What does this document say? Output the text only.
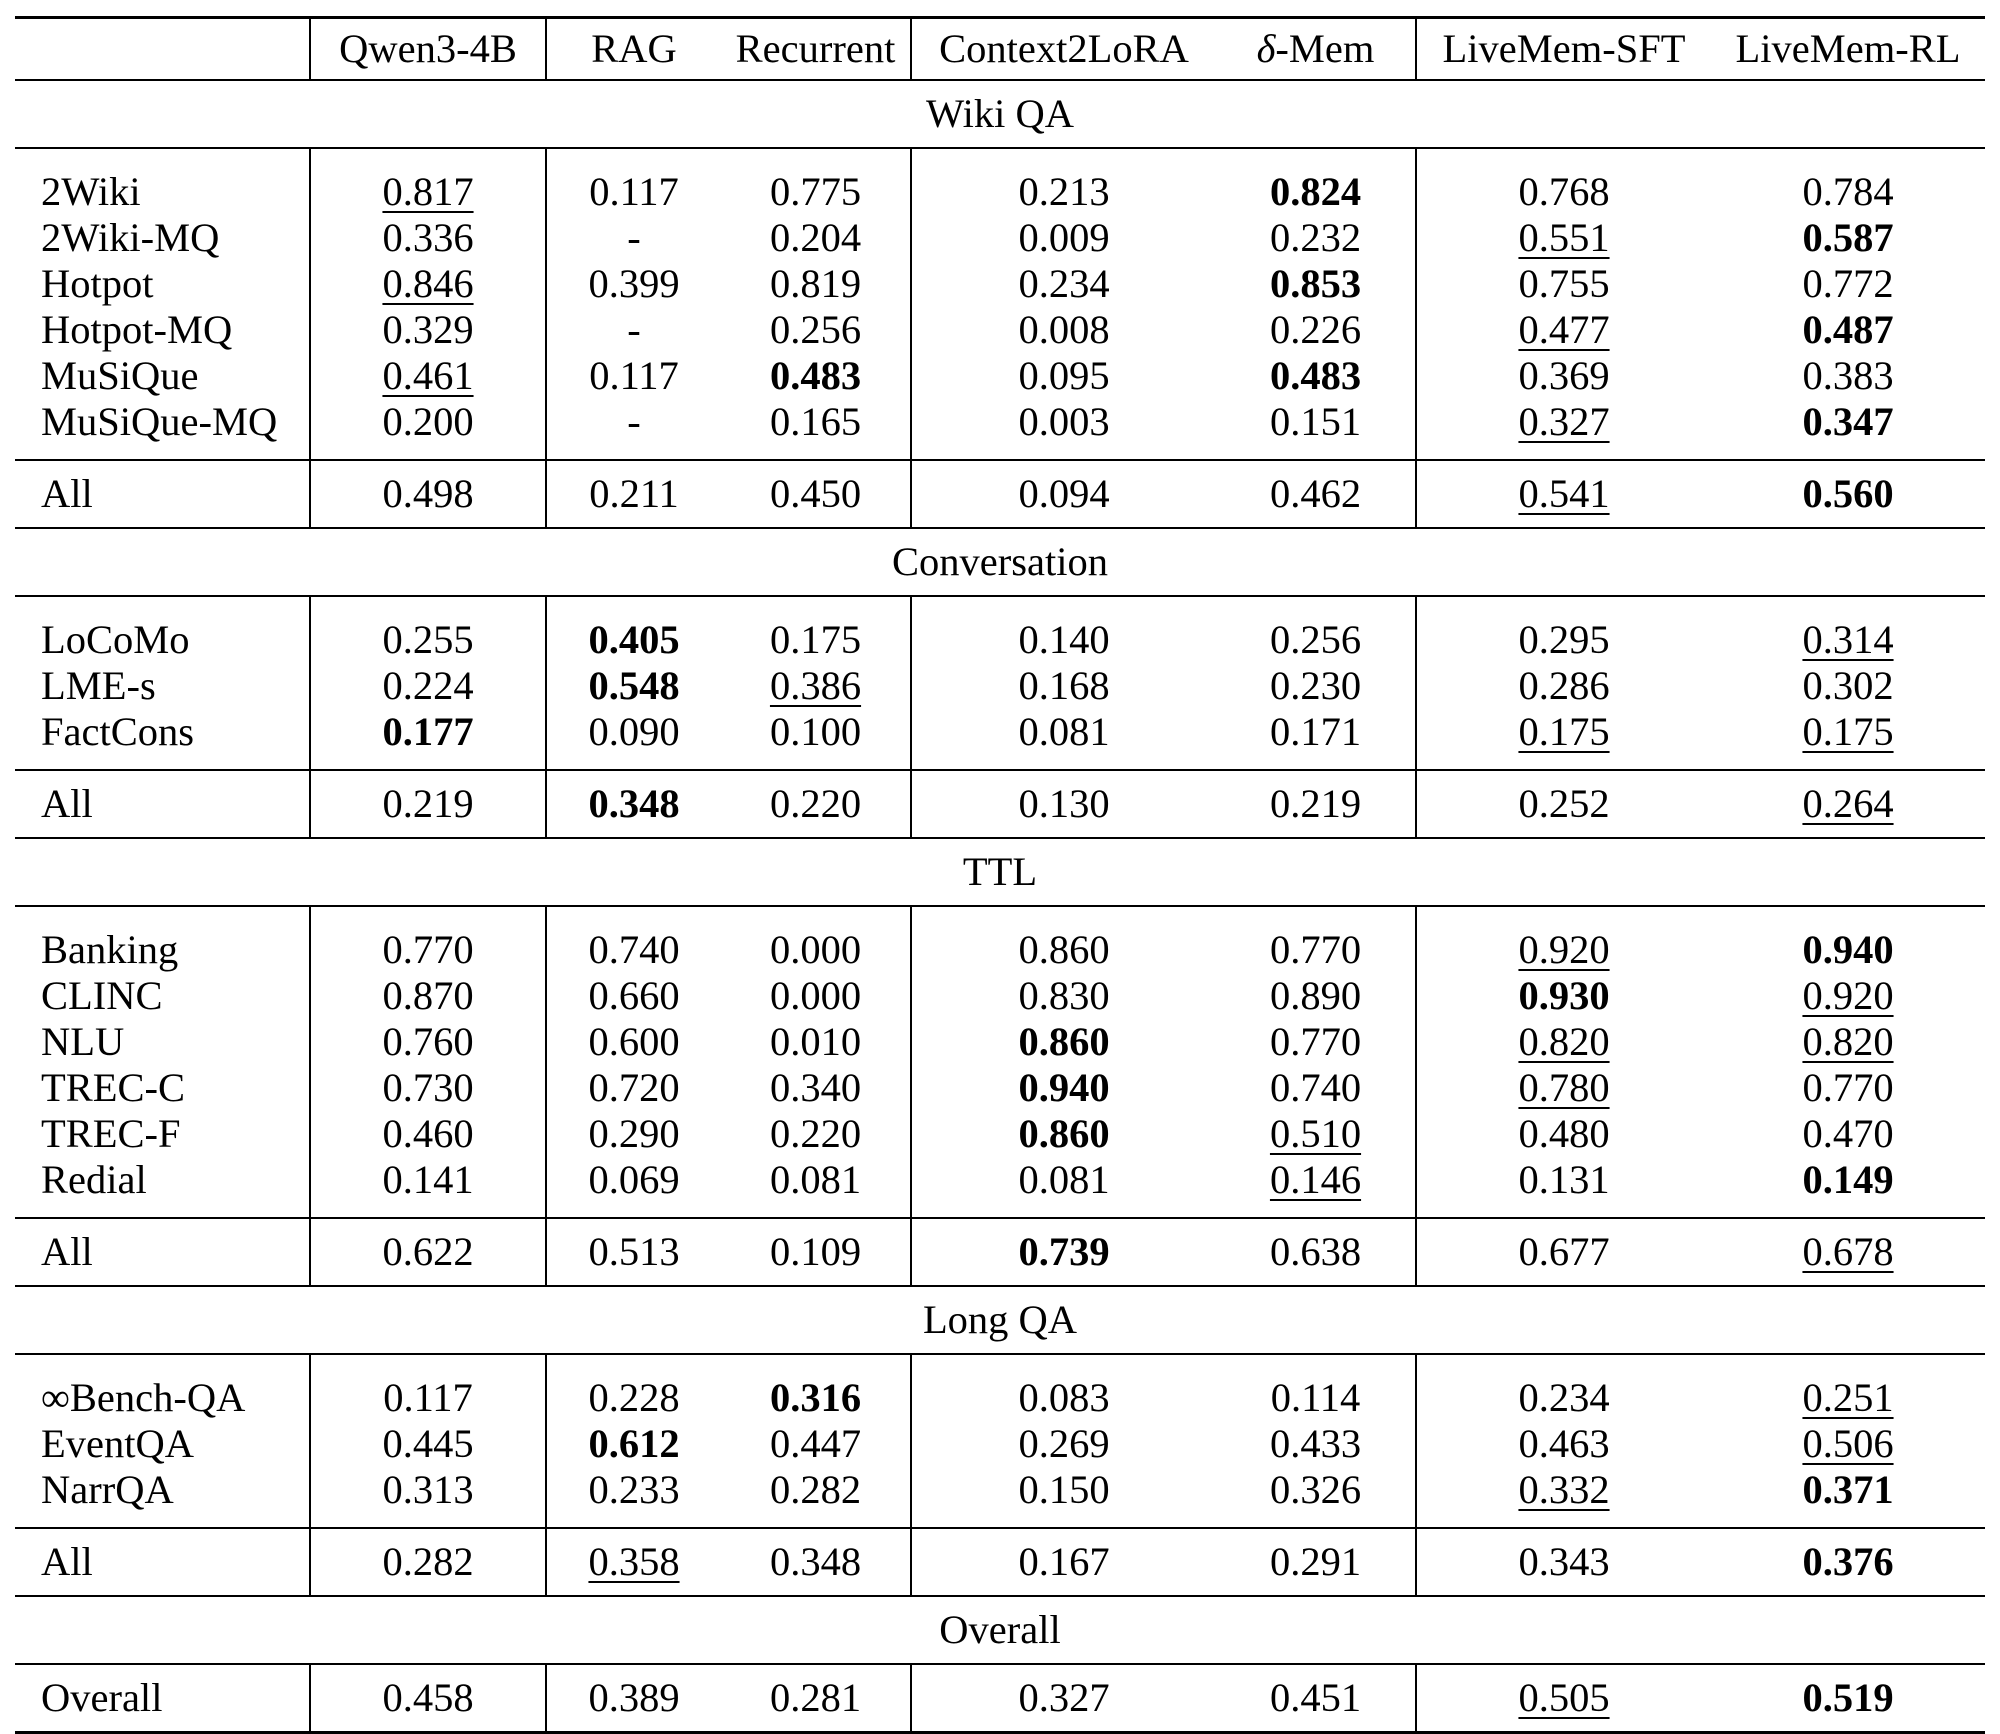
	Qwen3-4B	RAG	Recurrent	Context2LoRA	δ-Mem	LiveMem-SFT	LiveMem-RL
Wiki QA							
2Wiki	0.817	0.117	0.775	0.213	0.824	0.768	0.784
2Wiki-MQ	0.336	-	0.204	0.009	0.232	0.551	0.587
Hotpot	0.846	0.399	0.819	0.234	0.853	0.755	0.772
Hotpot-MQ	0.329	-	0.256	0.008	0.226	0.477	0.487
MuSiQue	0.461	0.117	0.483	0.095	0.483	0.369	0.383
MuSiQue-MQ	0.200	-	0.165	0.003	0.151	0.327	0.347
All	0.498	0.211	0.450	0.094	0.462	0.541	0.560
Conversation							
LoCoMo	0.255	0.405	0.175	0.140	0.256	0.295	0.314
LME-s	0.224	0.548	0.386	0.168	0.230	0.286	0.302
FactCons	0.177	0.090	0.100	0.081	0.171	0.175	0.175
All	0.219	0.348	0.220	0.130	0.219	0.252	0.264
TTL							
Banking	0.770	0.740	0.000	0.860	0.770	0.920	0.940
CLINC	0.870	0.660	0.000	0.830	0.890	0.930	0.920
NLU	0.760	0.600	0.010	0.860	0.770	0.820	0.820
TREC-C	0.730	0.720	0.340	0.940	0.740	0.780	0.770
TREC-F	0.460	0.290	0.220	0.860	0.510	0.480	0.470
Redial	0.141	0.069	0.081	0.081	0.146	0.131	0.149
All	0.622	0.513	0.109	0.739	0.638	0.677	0.678
Long QA							
∞Bench-QA	0.117	0.228	0.316	0.083	0.114	0.234	0.251
EventQA	0.445	0.612	0.447	0.269	0.433	0.463	0.506
NarrQA	0.313	0.233	0.282	0.150	0.326	0.332	0.371
All	0.282	0.358	0.348	0.167	0.291	0.343	0.376
Overall							
Overall	0.458	0.389	0.281	0.327	0.451	0.505	0.519
